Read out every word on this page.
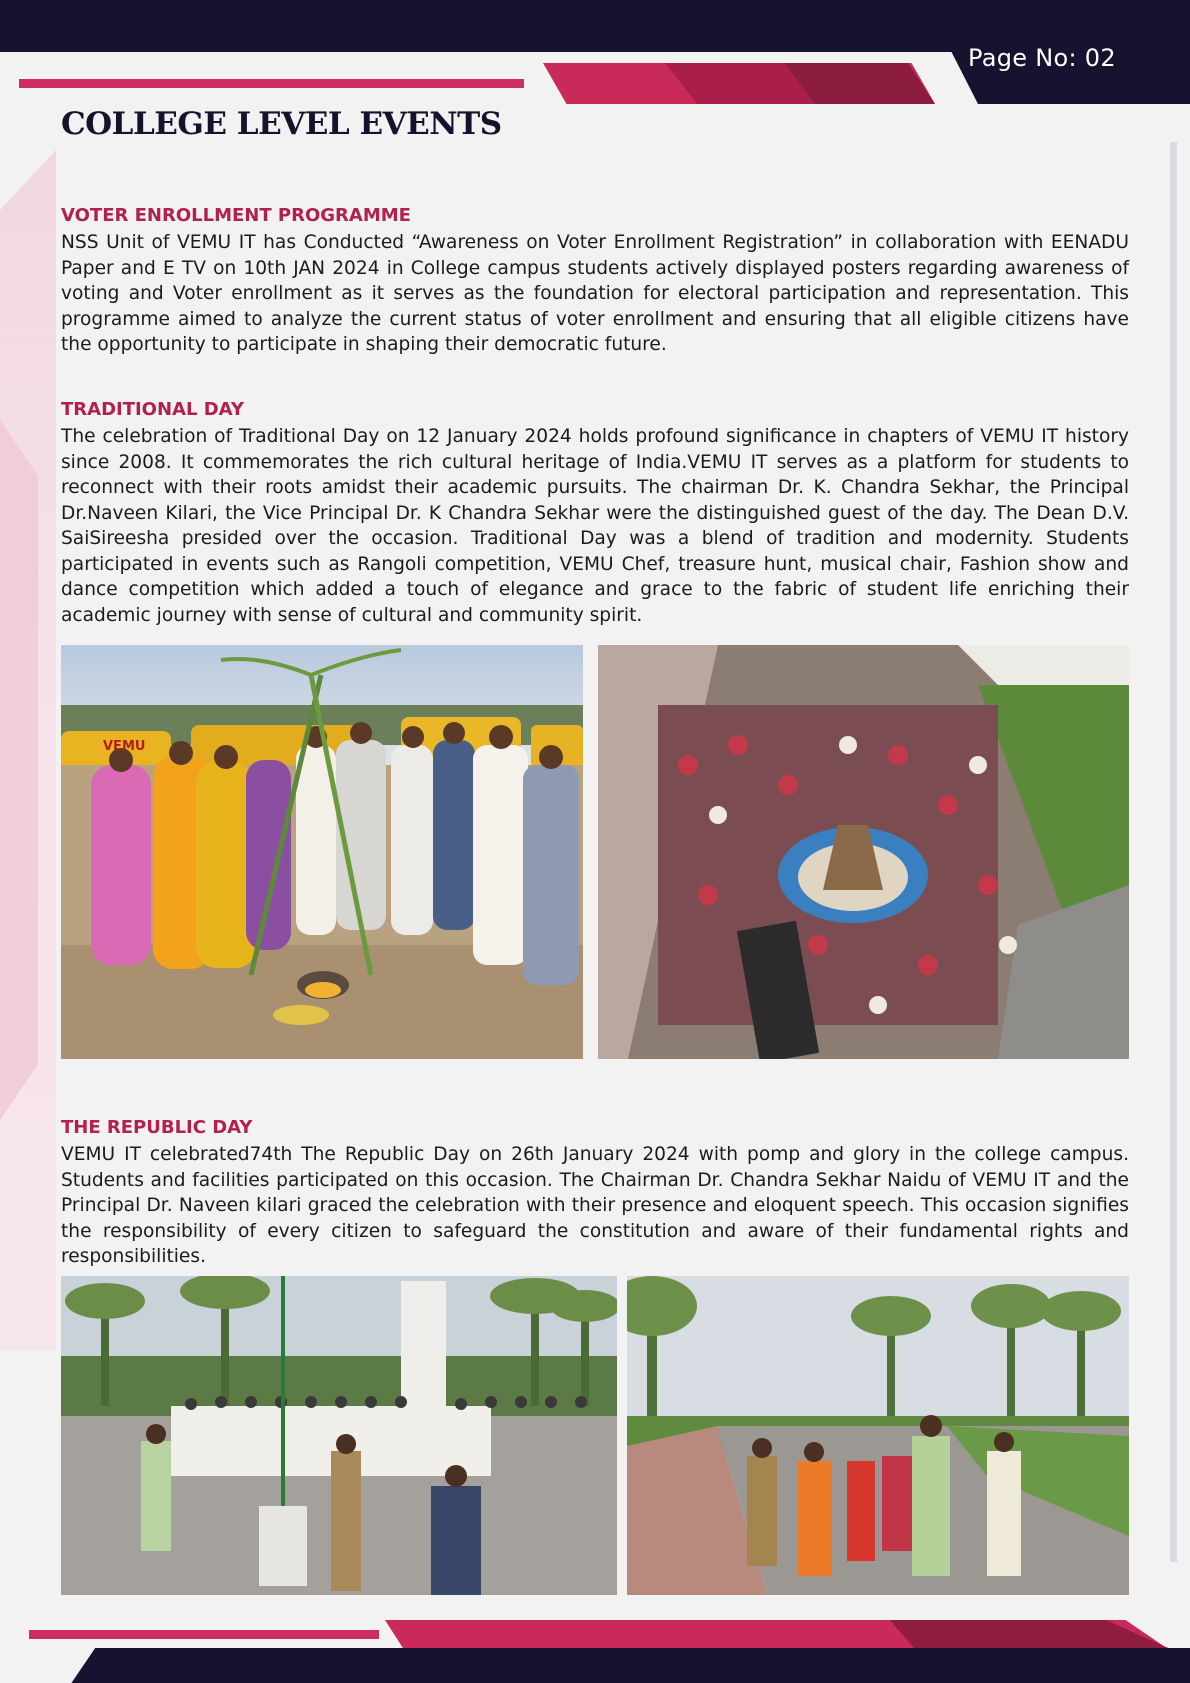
Page No: 02
COLLEGE LEVEL EVENTS
VOTER ENROLLMENT PROGRAMME

NSS Unit of VEMU IT has Conducted “Awareness on Voter Enrollment Registration” in collaboration with EENADU Paper and E TV on 10th JAN 2024 in College campus students actively displayed posters regarding awareness of voting and Voter enrollment as it serves as the foundation for electoral participation and representation. This programme aimed to analyze the current status of voter enrollment and ensuring that all eligible citizens have the opportunity to participate in shaping their democratic future.

TRADITIONAL DAY

The celebration of Traditional Day on 12 January 2024 holds profound significance in chapters of VEMU IT history since 2008. It commemorates the rich cultural heritage of India.VEMU IT serves as a platform for students to reconnect with their roots amidst their academic pursuits. The chairman Dr. K. Chandra Sekhar, the Principal Dr.Naveen Kilari, the Vice Principal Dr. K Chandra Sekhar were the distinguished guest of the day. The Dean D.V. SaiSireesha presided over the occasion. Traditional Day was a blend of tradition and modernity. Students participated in events such as Rangoli competition, VEMU Chef, treasure hunt, musical chair, Fashion show and dance competition which added a touch of elegance and grace to the fabric of student life enriching their academic journey with sense of cultural and community spirit.

VEMU
THE REPUBLIC DAY

VEMU IT celebrated74th The Republic Day on 26th January 2024 with pomp and glory in the college campus. Students and facilities participated on this occasion. The Chairman Dr. Chandra Sekhar Naidu of VEMU IT and the Principal Dr. Naveen kilari graced the celebration with their presence and eloquent speech. This occasion signifies the responsibility of every citizen to safeguard the constitution and aware of their fundamental rights and responsibilities.
